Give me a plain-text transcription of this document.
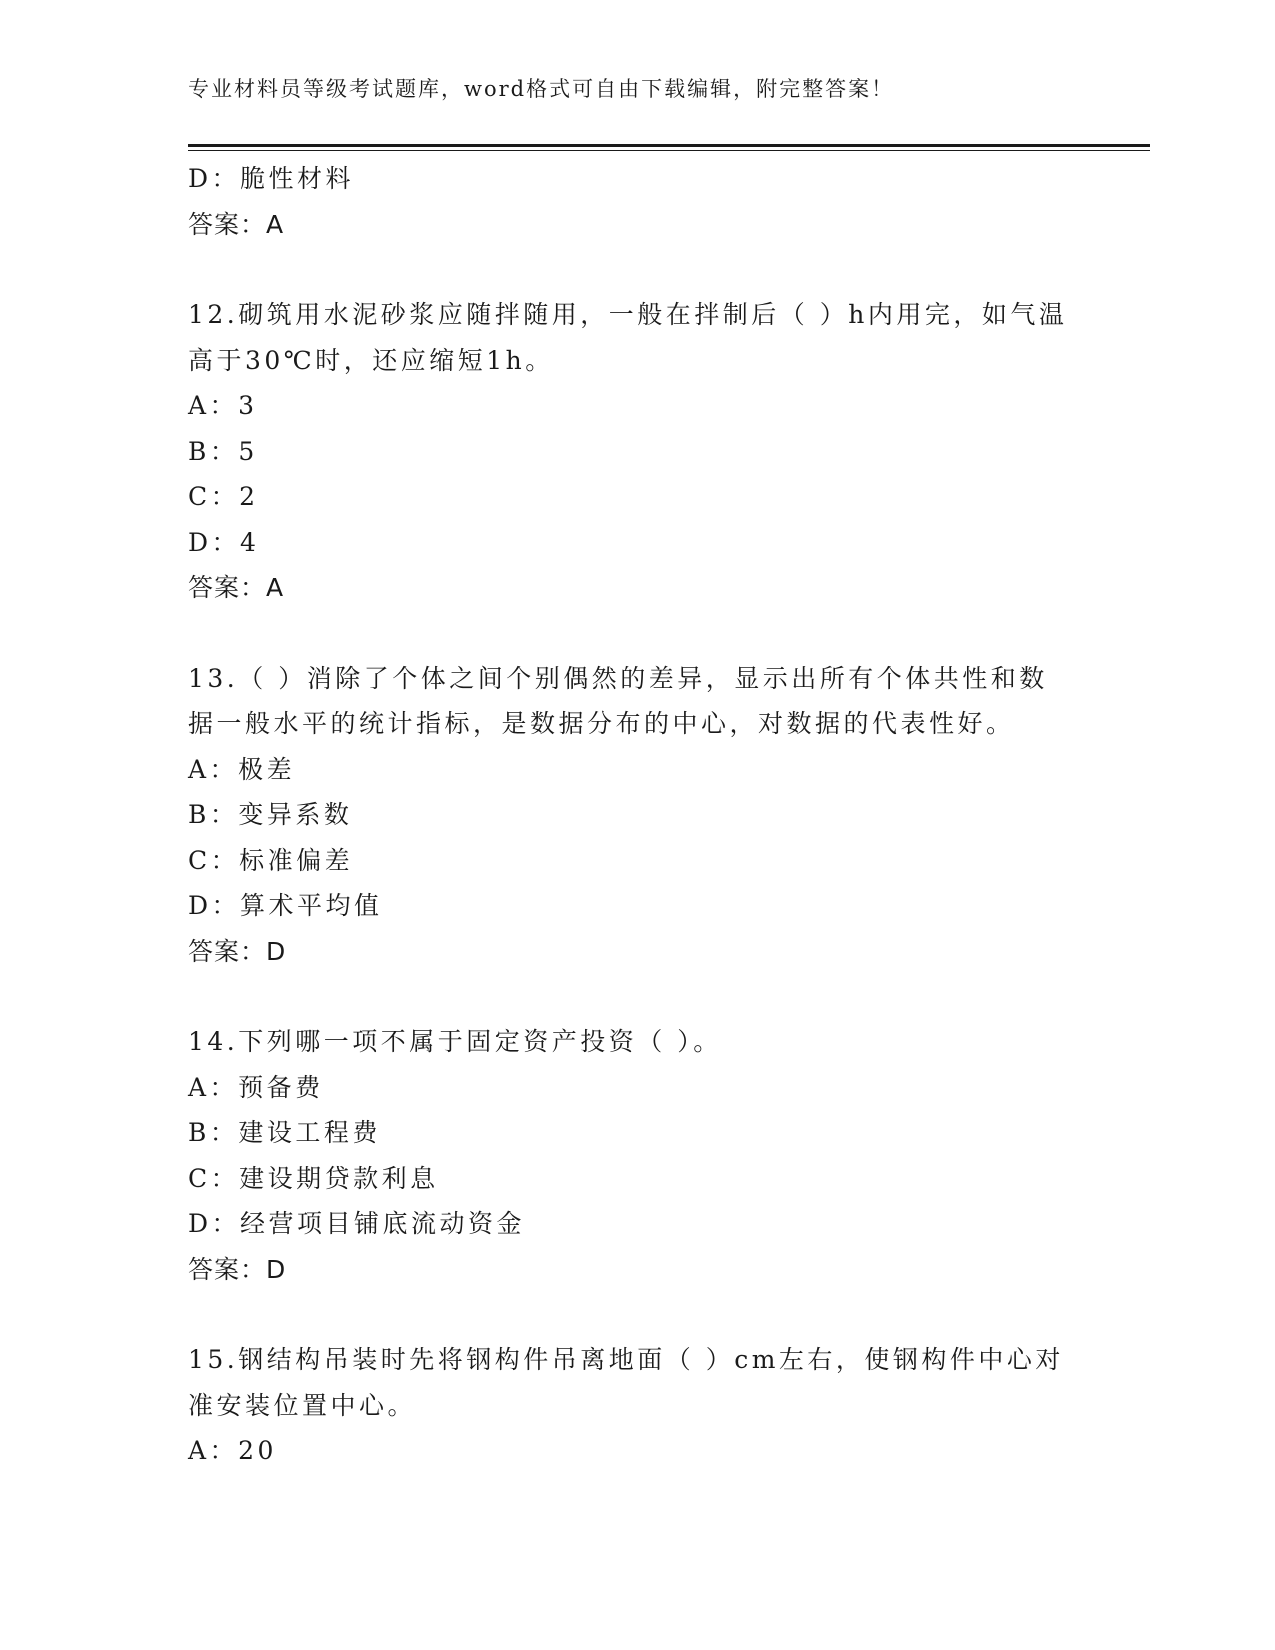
专业材料员等级考试题库，word格式可自由下载编辑，附完整答案！
D：脆性材料
答案：A
12.砌筑用水泥砂浆应随拌随用，一般在拌制后（ ）h内用完，如气温
高于30℃时，还应缩短1h。
A：3
B：5
C：2
D：4
答案：A
13.（ ）消除了个体之间个别偶然的差异，显示出所有个体共性和数
据一般水平的统计指标，是数据分布的中心，对数据的代表性好。
A：极差
B：变异系数
C：标准偏差
D：算术平均值
答案：D
14.下列哪一项不属于固定资产投资（ ）。
A：预备费
B：建设工程费
C：建设期贷款利息
D：经营项目铺底流动资金
答案：D
15.钢结构吊装时先将钢构件吊离地面（ ）cm左右，使钢构件中心对
准安装位置中心。
A：20
